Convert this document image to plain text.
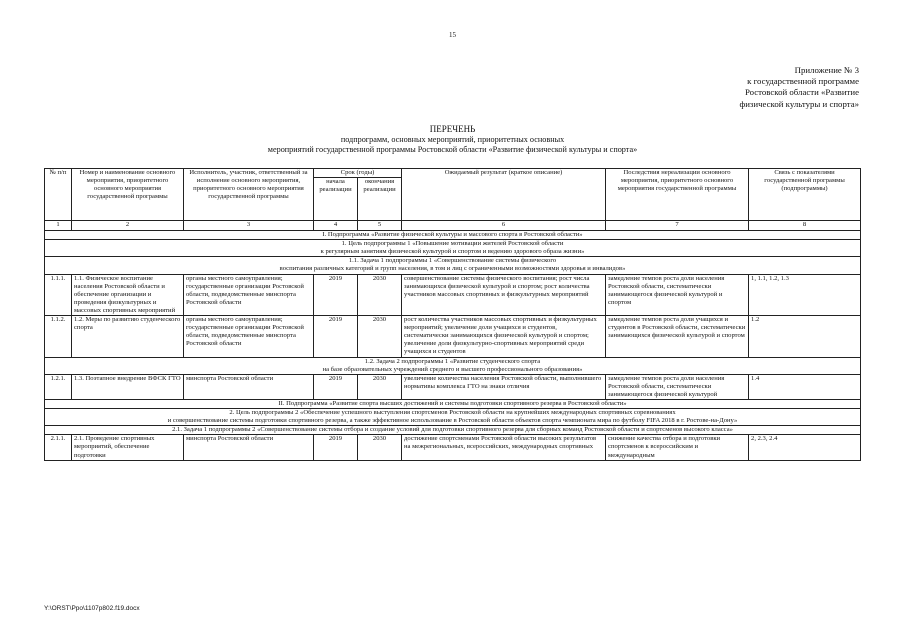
15
Приложение № 3
к государственной программе
Ростовской области «Развитие
физической культуры и спорта»
ПЕРЕЧЕНЬ
подпрограмм, основных мероприятий, приоритетных основных
мероприятий государственной программы Ростовской области «Развитие физической культуры и спорта»
№ п/п	Номер и наименование основного мероприятия, приоритетного основного мероприятия государственной программы	Исполнитель, участник, ответственный за исполнение основного мероприятия, приоритетного основного мероприятия государственной программы	Срок (годы)		Ожидаемый результат (краткое описание)	Последствия нереализации основного мероприятия, приоритетного основного мероприятия государственной программы	Связь с показателями государственной программы (подпрограммы)
			начала реализации	окончания реализации			
1	2	3	4	5	6	7	8
I. Подпрограмма «Развитие физической культуры и массового спорта в Ростовской области»							

1. Цель подпрограммы 1 «Повышение мотивации жителей Ростовской области
к регулярным занятиям физической культурой и спортом и ведению здорового образа жизни»							

1.1. Задача 1 подпрограммы 1 «Совершенствование системы физического
воспитания различных категорий и групп населения, в том и лиц с ограниченными возможностями здоровья и инвалидов»							

1.1.1.	1.1. Физическое воспитание населения Ростовской области и обеспечение организации и проведения физкультурных и массовых спортивных мероприятий	органы местного самоуправления; государственные организации Ростовской области, подведомственные минспорта Ростовской области	2019	2030	совершенствование системы физического воспитания; рост числа занимающихся физической культурой и спортом; рост количества участников массовых спортивных и физкультурных мероприятий	замедление темпов роста доли населения Ростовской области, систематически занимающегося физической культурой и спортом	1, 1.1, 1.2, 1.3
1.1.2.	1.2. Меры по развитию студенческого спорта	органы местного самоуправления; государственные организации Ростовской области, подведомственные минспорта Ростовской области	2019	2030	рост количества участников массовых спортивных и физкультурных мероприятий; увеличение доли учащихся и студентов, систематически занимающихся физической культурой и спортом; увеличение доли физкультурно-спортивных мероприятий среди учащихся и студентов	замедление темпов роста доли учащихся и студентов в Ростовской области, систематически занимающихся физической культурой и спортом	1.2

1.2. Задача 2 подпрограммы 1 «Развитие студенческого спорта
на базе образовательных учреждений среднего и высшего профессионального образования»							

1.2.1.	1.3. Поэтапное внедрение ВФСК ГТО	минспорта Ростовской области	2019	2030	увеличение количества населения Ростовской области, выполнившего нормативы комплекса ГТО на знаки отличия	замедление темпов роста доли населения Ростовской области, систематически занимающегося физической культурой	1.4
II. Подпрограмма «Развитие спорта высших достижений и системы подготовки спортивного резерва в Ростовской области»							

2. Цель подпрограммы 2 «Обеспечение успешного выступления спортсменов Ростовской области на крупнейших международных спортивных соревнованиях
и совершенствование системы подготовки спортивного резерва, а также эффективное использование в Ростовской области объектов спорта чемпионата мира по футболу FIFA 2018 в г. Ростове-на-Дону»							

2.1. Задача 1 подпрограммы 2 «Совершенствование системы отбора и создание условий для подготовки спортивного резерва для сборных команд Ростовской области и спортсменов высокого класса»							
2.1.1.	2.1. Проведение спортивных мероприятий, обеспечение подготовки	минспорта Ростовской области	2019	2030	достижение спортсменами Ростовской области высоких результатов на межрегиональных, всероссийских, международных спортивных	снижение качества отбора и подготовки спортсменов к всероссийским и международным	2, 2.3, 2.4
Y:\ORST\Ppo\1107p802.f19.docx
